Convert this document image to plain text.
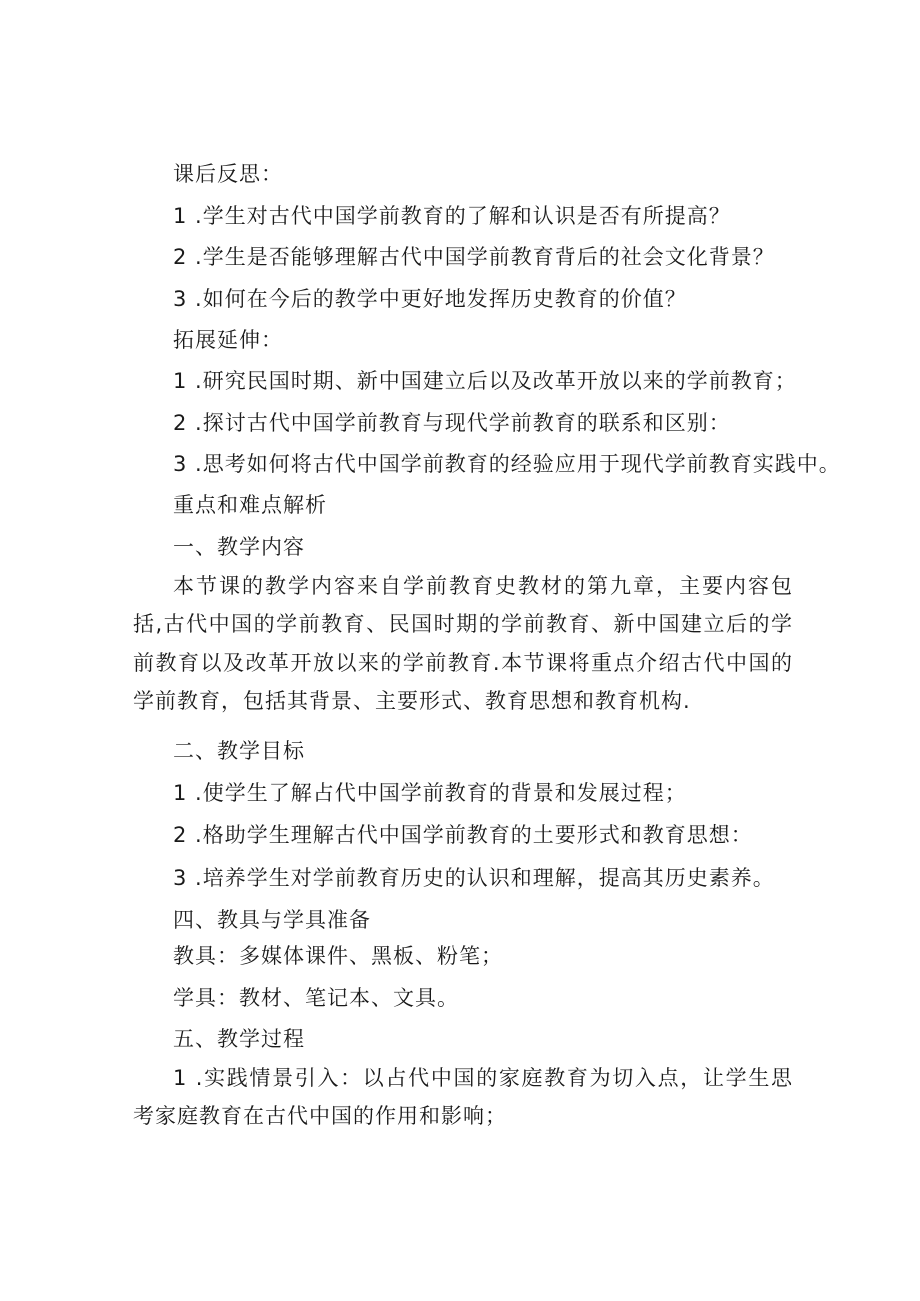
课后反思：
1 .学生对古代中国学前教育的了解和认识是否有所提高？
2 .学生是否能够理解古代中国学前教育背后的社会文化背景？
3 .如何在今后的教学中更好地发挥历史教育的价值？
拓展延伸：
1 .研究民国时期、新中国建立后以及改革开放以来的学前教育；
2 .探讨古代中国学前教育与现代学前教育的联系和区别：
3 .思考如何将古代中国学前教育的经验应用于现代学前教育实践中。
重点和难点解析
一、教学内容
本节课的教学内容来自学前教育史教材的第九章，主要内容包括,古代中国的学前教育、民国时期的学前教育、新中国建立后的学前教育以及改革开放以来的学前教育.本节课将重点介绍古代中国的学前教育，包括其背景、主要形式、教育思想和教育机构.
二、教学目标
1 .使学生了解占代中国学前教育的背景和发展过程；
2 .格助学生理解古代中国学前教育的土要形式和教育思想：
3 .培养学生对学前教育历史的认识和理解，提高其历史素养。
四、教具与学具准备
教具：多媒体课件、黑板、粉笔；
学具：教材、笔记本、文具。
五、教学过程
1 .实践情景引入：以占代中国的家庭教育为切入点，让学生思考家庭教育在古代中国的作用和影响；
